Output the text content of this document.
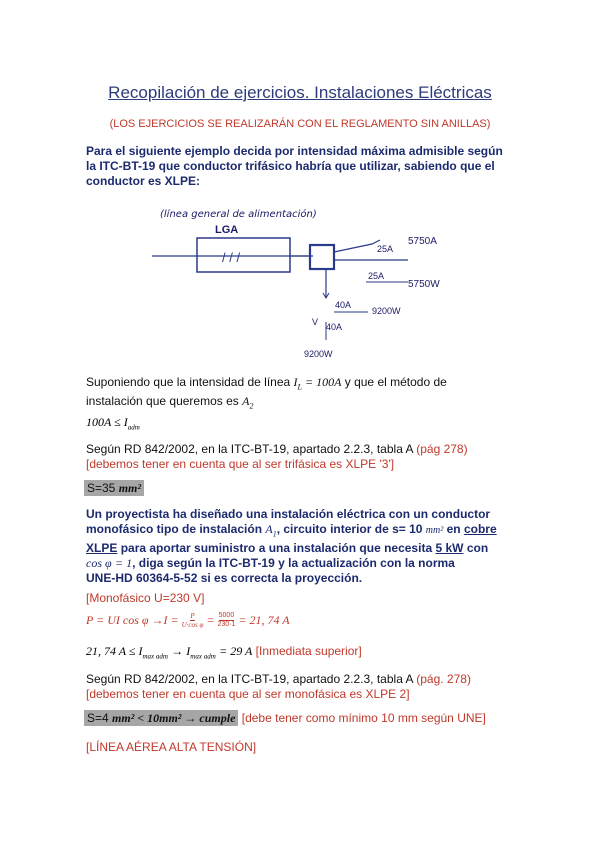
Recopilación de ejercicios. Instalaciones Eléctricas
(LOS EJERCICIOS SE REALIZARÁN CON EL REGLAMENTO SIN ANILLAS)
Para el siguiente ejemplo decida por intensidad máxima admisible según
la ITC-BT-19 que conductor trifásico habría que utilizar, sabiendo que el
conductor es XLPE:
(línea general de alimentación)
LGA
/ / /
25A
5750A
25A
5750W
40A
9200W
V 40A
9200W
Suponiendo que la intensidad de línea $I_L = 100A$ y que el método de
instalación que queremos es $A_2$
$100A \le I_{adm}$
Según RD 842/2002, en la ITC-BT-19, apartado 2.2.3, tabla A (pág 278)
[debemos tener en cuenta que al ser trifásica es XLPE '3']
S=35 mm²
Un proyectista ha diseñado una instalación eléctrica con un conductor
monofásico tipo de instalación $A_1$, circuito interior de s= 10 mm² en cobre
XLPE para aportar suministro a una instalación que necesita 5 kW con
cos φ = 1, diga según la ITC-BT-19 y la actualización con la norma
UNE-HD 60364-5-52 si es correcta la proyección.
[Monofásico U=230 V]
P = UI $\cos \varphi \to I = \frac{P}{\text{U·cos φ}} = \frac{5000}{230\cdot 1} = 21$, 74 A
21, 74 $A \le I_{max adm} \to I_{max adm} = 29$ A [Inmediata superior]
Según RD 842/2002, en la ITC-BT-19, apartado 2.2.3, tabla A (pág. 278)
[debemos tener en cuenta que al ser monofásica es XLPE 2]
S=4 mm² < 10mm² → cumple [debe tener como mínimo 10 mm según UNE]
[LÍNEA AÉREA ALTA TENSIÓN]
